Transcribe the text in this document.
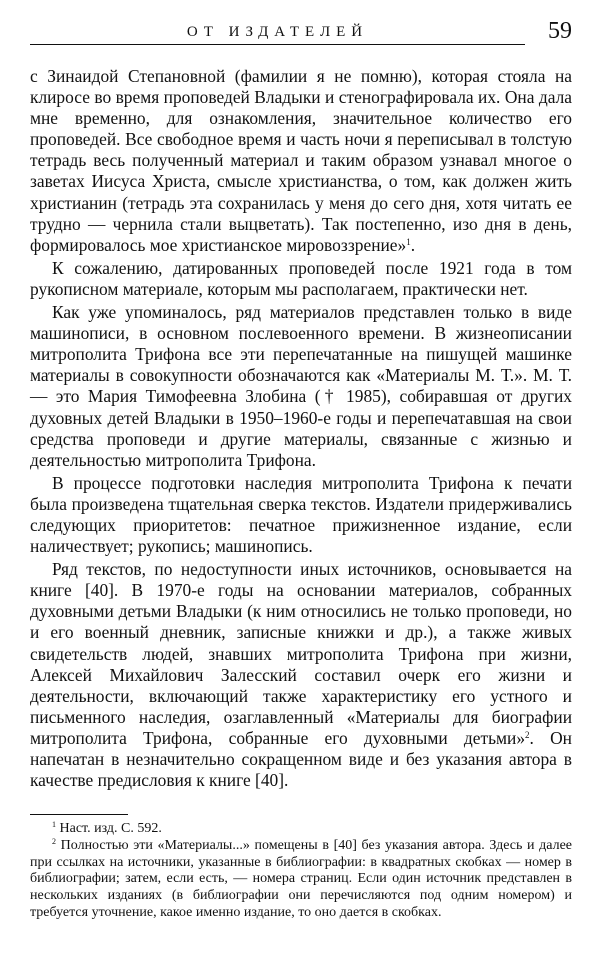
ОТ ИЗДАТЕЛЕЙ	59

с Зинаидой Степановной (фамилии я не помню), которая стояла на клиросе во время проповедей Владыки и стенографировала их. Она дала мне временно, для ознакомления, значительное количество его проповедей. Все свободное время и часть ночи я переписывал в толстую тетрадь весь полученный материал и таким образом узнавал многое о заветах Иисуса Христа, смысле христианства, о том, как должен жить христианин (тетрадь эта сохранилась у меня до сего дня, хотя читать ее трудно — чернила стали выцветать). Так постепенно, изо дня в день, формировалось мое христианское мировоззрение»$^1$.

К сожалению, датированных проповедей после 1921 года в том рукописном материале, которым мы располагаем, практически нет.

Как уже упоминалось, ряд материалов представлен только в виде машинописи, в основном послевоенного времени. В жизнеописании митрополита Трифона все эти перепечатанные на пишущей машинке материалы в совокупности обозначаются как «Материалы М. Т.». М. Т. — это Мария Тимофеевна Злобина († 1985), собиравшая от других духовных детей Владыки в 1950–1960-е годы и перепечатавшая на свои средства проповеди и другие материалы, связанные с жизнью и деятельностью митрополита Трифона.

В процессе подготовки наследия митрополита Трифона к печати была произведена тщательная сверка текстов. Издатели придерживались следующих приоритетов: печатное прижизненное издание, если наличествует; рукопись; машинопись.

Ряд текстов, по недоступности иных источников, основывается на книге [40]. В 1970-е годы на основании материалов, собранных духовными детьми Владыки (к ним относились не только проповеди, но и его военный дневник, записные книжки и др.), а также живых свидетельств людей, знавших митрополита Трифона при жизни, Алексей Михайлович Залесский составил очерк его жизни и деятельности, включающий также характеристику его устного и письменного наследия, озаглавленный «Материалы для биографии митрополита Трифона, собранные его духовными детьми»$^2$. Он напечатан в незначительно сокращенном виде и без указания автора в качестве предисловия к книге [40].

$^1$ Наст. изд. С. 592.

$^2$ Полностью эти «Материалы...» помещены в [40] без указания автора. Здесь и далее при ссылках на источники, указанные в библиографии: в квадратных скобках — номер в библиографии; затем, если есть, — номера страниц. Если один источник представлен в нескольких изданиях (в библиографии они перечисляются под одним номером) и требуется уточнение, какое именно издание, то оно дается в скобках.
